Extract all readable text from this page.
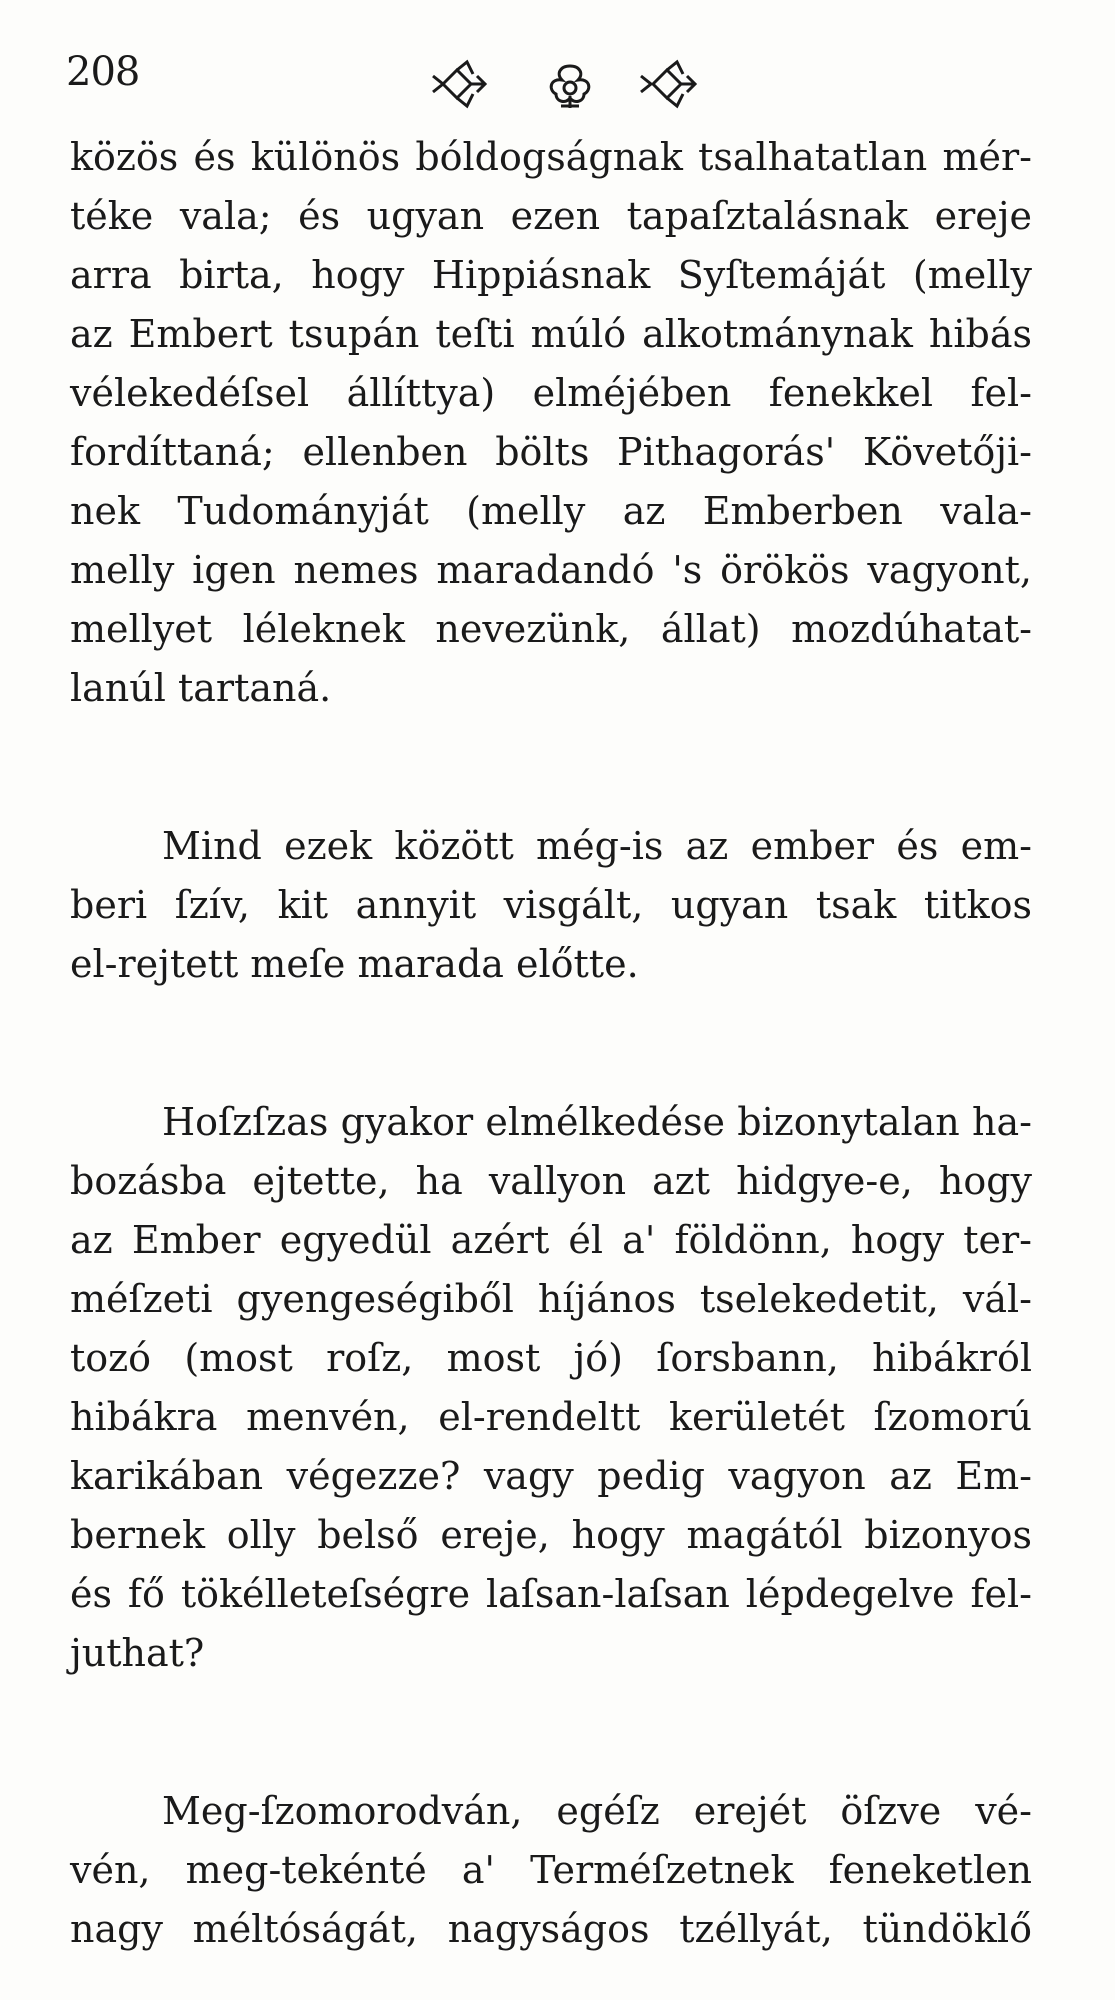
208

közös és különös bóldogságnak tsalhatatlan mér-
téke vala; és ugyan ezen tapaſztalásnak ereje
arra birta, hogy Hippiásnak Syſtemáját (melly
az Embert tsupán teſti múló alkotmánynak hibás
vélekedéſsel állíttya) elméjében fenekkel fel-
fordíttaná; ellenben bölts Pithagorás' Követőji-
nek Tudományját (melly az Emberben vala-
melly igen nemes maradandó 's örökös vagyont,
mellyet léleknek nevezünk, állat) mozdúhatat-
lanúl tartaná.

Mind ezek között még-is az ember és em-
beri ſzív, kit annyit visgált, ugyan tsak titkos
el-rejtett meſe marada előtte.

Hoſzſzas gyakor elmélkedése bizonytalan ha-
bozásba ejtette, ha vallyon azt hidgye-e, hogy
az Ember egyedül azért él a' földönn, hogy ter-
méſzeti gyengeségiből híjános tselekedetit, vál-
tozó (most roſz, most jó) ſorsbann, hibákról
hibákra menvén, el-rendeltt kerületét ſzomorú
karikában végezze? vagy pedig vagyon az Em-
bernek olly belső ereje, hogy magától bizonyos
és fő tökélleteſségre laſsan-laſsan lépdegelve fel-
juthat?

Meg-ſzomorodván, egéſz erejét öſzve vé-
vén, meg-tekénté a' Terméſzetnek feneketlen
nagy méltóságát, nagyságos tzéllyát, tündöklő
